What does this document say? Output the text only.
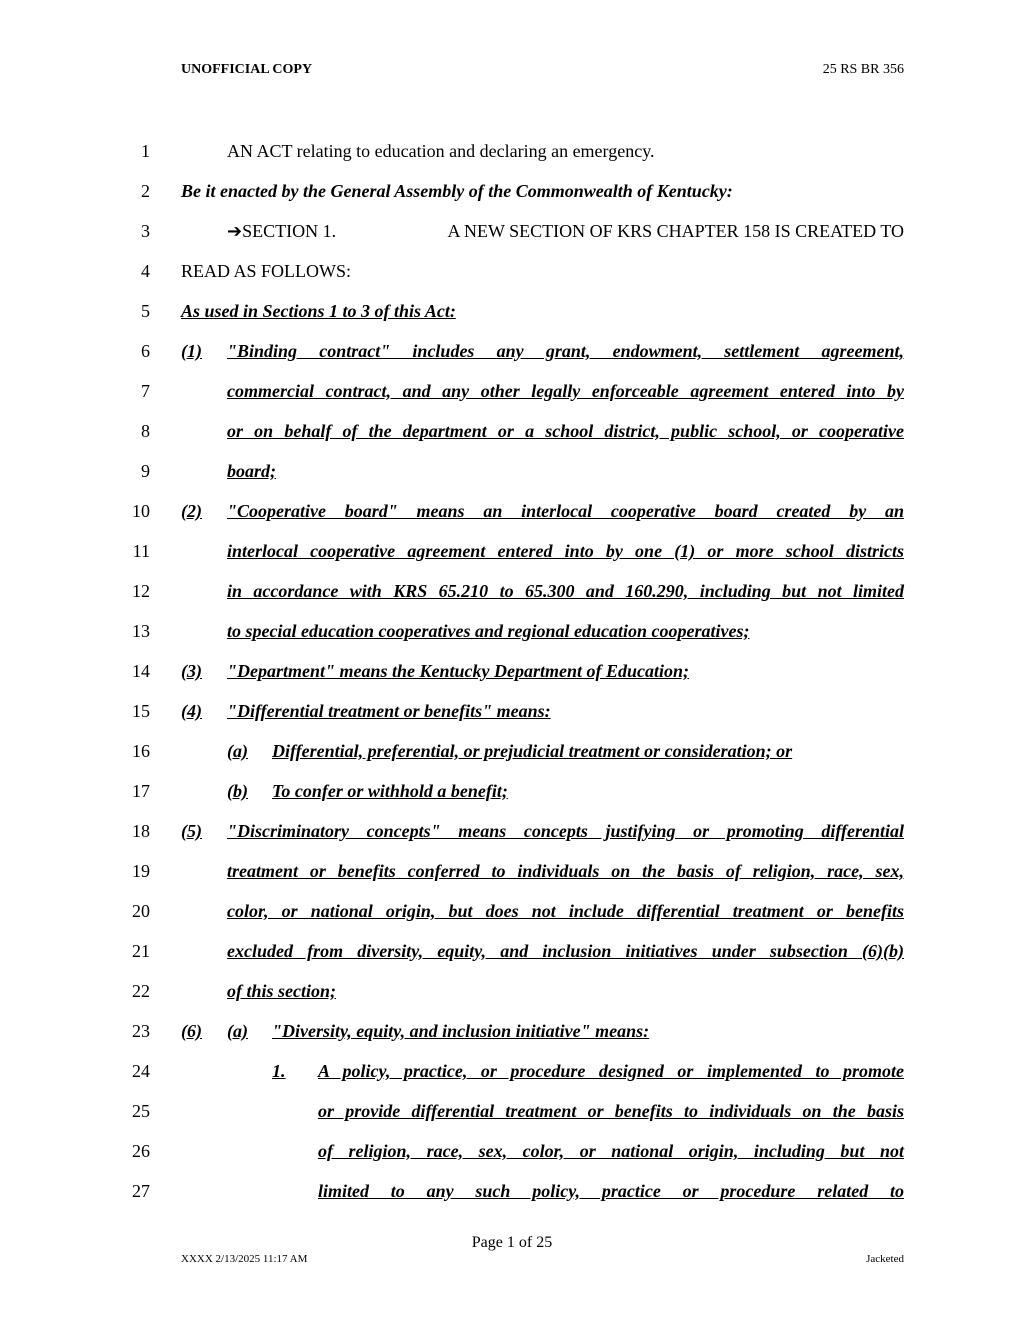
UNOFFICIAL COPY	25 RS BR 356
1	AN ACT relating to education and declaring an emergency.
2 Be it enacted by the General Assembly of the Commonwealth of Kentucky:
3	➔SECTION 1.	A NEW SECTION OF KRS CHAPTER 158 IS CREATED TO
4 READ AS FOLLOWS:
5 As used in Sections 1 to 3 of this Act:
6 (1) "Binding contract" includes any grant, endowment, settlement agreement,
7	commercial contract, and any other legally enforceable agreement entered into by
8	or on behalf of the department or a school district, public school, or cooperative
9	board;
10 (2) "Cooperative board" means an interlocal cooperative board created by an
11	interlocal cooperative agreement entered into by one (1) or more school districts
12	in accordance with KRS 65.210 to 65.300 and 160.290, including but not limited
13	to special education cooperatives and regional education cooperatives;
14 (3) "Department" means the Kentucky Department of Education;
15 (4) "Differential treatment or benefits" means:
16	(a) Differential, preferential, or prejudicial treatment or consideration; or
17	(b) To confer or withhold a benefit;
18 (5) "Discriminatory concepts" means concepts justifying or promoting differential
19	treatment or benefits conferred to individuals on the basis of religion, race, sex,
20	color, or national origin, but does not include differential treatment or benefits
21	excluded from diversity, equity, and inclusion initiatives under subsection (6)(b)
22	of this section;
23 (6) (a) "Diversity, equity, and inclusion initiative" means:
24	1. A policy, practice, or procedure designed or implemented to promote
25	or provide differential treatment or benefits to individuals on the basis
26	of religion, race, sex, color, or national origin, including but not
27	limited to any such policy, practice or procedure related to
Page 1 of 25
XXXX 2/13/2025 11:17 AM	Jacketed
